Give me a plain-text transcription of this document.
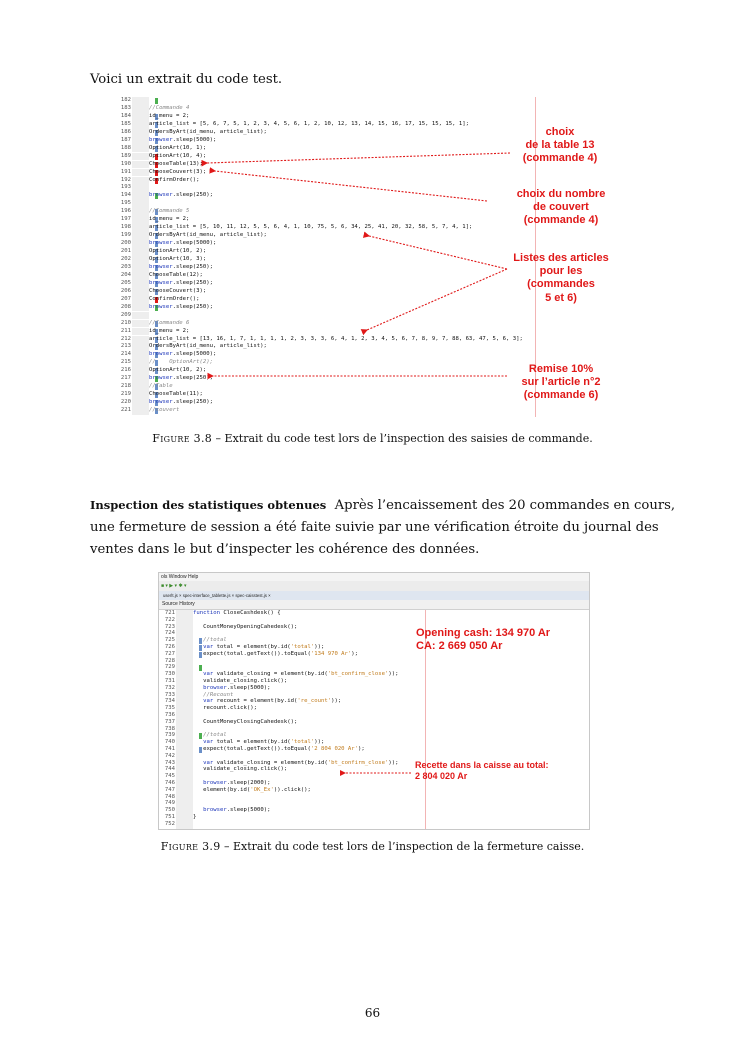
Voici un extrait du code test.
182
183	//Commande 4
184	id_menu = 2;
185	article_list = [5, 6, 7, 5, 1, 2, 3, 4, 5, 6, 1, 2, 10, 12, 13, 14, 15, 16, 17, 15, 15, 15, 1];
186	OrdersByArt(id_menu, article_list);
187	browser.sleep(5000);
188	OptionArt(10, 1);
189	OptionArt(10, 4);
190	ChooseTable(13);
191	ChooseCouvert(3);
192	ConfirmOrder();
193
194	browser.sleep(250);
195
196	//Commande 5
197	id_menu = 2;
198	article_list = [5, 10, 11, 12, 5, 5, 6, 4, 1, 10, 75, 5, 6, 34, 25, 41, 20, 32, 58, 5, 7, 4, 1];
199	OrdersByArt(id_menu, article_list);
200	browser.sleep(5000);
201	OptionArt(10, 2);
202	OptionArt(10, 3);
203	browser.sleep(250);
204	ChooseTable(12);
205	browser.sleep(250);
206	ChooseCouvert(3);
207	ConfirmOrder();
208	browser.sleep(250);
209
210	//Commande 6
211	id_menu = 2;
212	article_list = [13, 16, 1, 7, 1, 1, 1, 1, 2, 3, 3, 3, 6, 4, 1, 2, 3, 4, 5, 6, 7, 8, 9, 7, 88, 63, 47, 5, 6, 3];
213	OrdersByArt(id_menu, article_list);
214	browser.sleep(5000);
215	//    OptionArt(2);
216	OptionArt(10, 2);
217	browser.sleep(250);
218	//Table
219	ChooseTable(11);
220	browser.sleep(250);
221	//couvert
choix
de la table 13
(commande 4)
choix du nombre
de couvert
(commande 4)
Listes des articles
pour les
(commandes
5 et 6)
Remise 10%
sur l’article n°2
(commande 6)
Figure 3.8 – Extrait du code test lors de l’inspection des saisies de commande.
Inspection des statistiques obtenues Après l’encaissement des 20 commandes en cours,
une fermeture de session a été faite suivie par une vérification étroite du journal des
ventes dans le but d’inspecter les cohérence des données.
ols Window Help
■ ▾ ▶ ▾ ✱ ▾
userlt.js × spec-interface_tablette.js × spec-caisstest.js ×
Source History
721	function CloseCashdesk() {
722
723	CountMoneyOpeningCahedesk();
724
725	//total
726	var total = element(by.id('total'));
727	expect(total.getText()).toEqual('134 970 Ar');
728
729
730	var validate_closing = element(by.id('bt_confirm_close'));
731	validate_closing.click();
732	browser.sleep(5000);
733	//Recount
734	var recount = element(by.id('re_count'));
735	recount.click();
736
737	CountMoneyClosingCahedesk();
738
739	//total
740	var total = element(by.id('total'));
741	expect(total.getText()).toEqual('2 804 020 Ar');
742
743	var validate_closing = element(by.id('bt_confirm_close'));
744	validate_closing.click();
745
746	browser.sleep(2000);
747	element(by.id('OK_Ex')).click();
748
749
750	browser.sleep(5000);
751	}
752
Opening cash: 134 970 Ar
CA: 2 669 050 Ar
Recette dans la caisse au total:
2 804 020 Ar
Figure 3.9 – Extrait du code test lors de l’inspection de la fermeture caisse.
66
